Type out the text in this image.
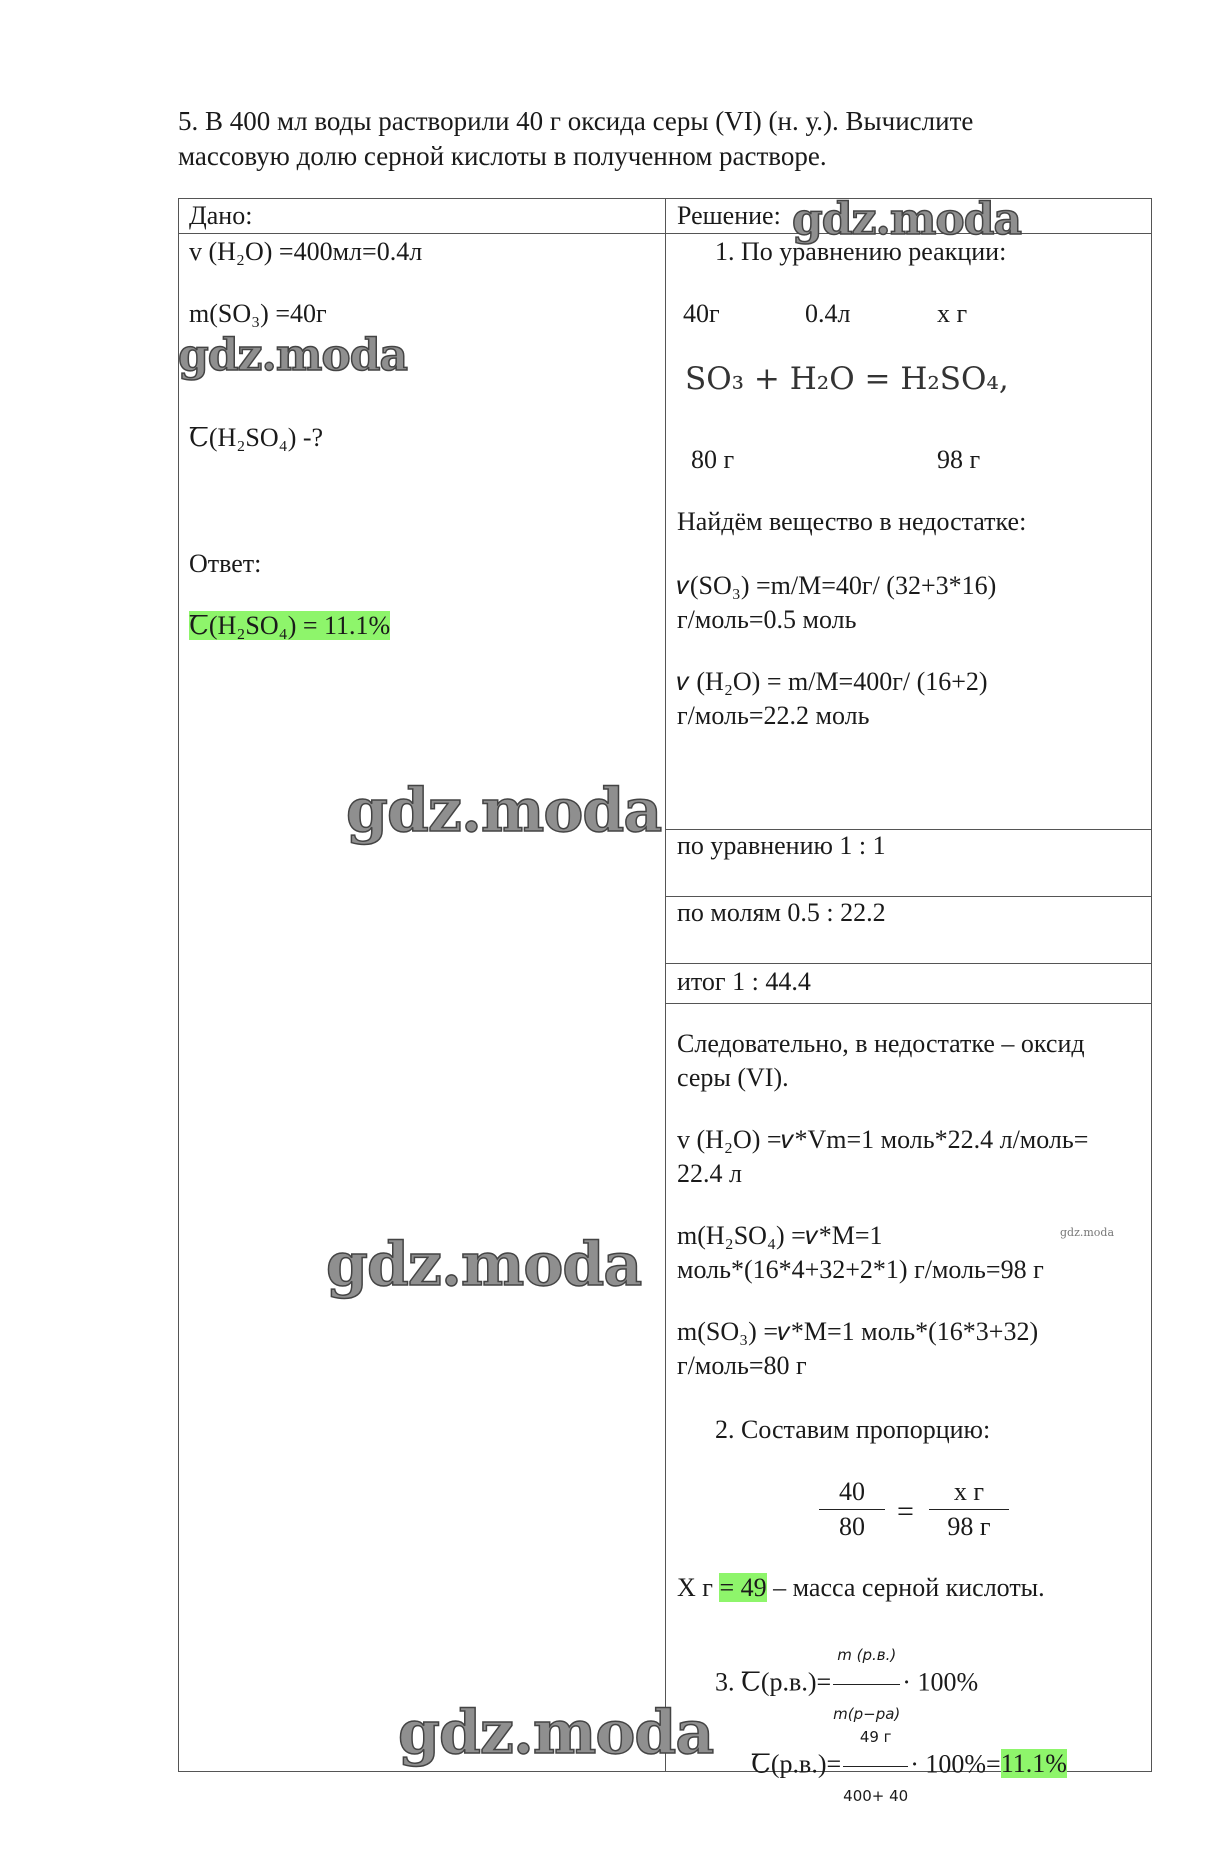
5. В 400 мл воды растворили 40 г оксида серы (VI) (н. у.). Вычислите
массовую долю серной кислоты в полученном растворе.
Дано:
v (H₂O) =400мл=0.4л
m(SO₃) =40г
Ꞇ(H₂SO₄) -?
Ответ:
Ꞇ(H₂SO₄) = 11.1%
Решение:
1. По уравнению реакции:
40г	0.4л	х г
SO₃ + H₂O = H₂SO₄,
80 г	98 г
Найдём вещество в недостатке:
𝜈(SO₃) =m/M=40г/ (32+3*16)
г/моль=0.5 моль
𝜈 (H₂O) = m/M=400г/ (16+2)
г/моль=22.2 моль
по уравнению 1 : 1
по молям 0.5 : 22.2
итог 1 : 44.4
Следовательно, в недостатке – оксид
серы (VI).
v (H₂O) =𝜈*Vm=1 моль*22.4 л/моль=
22.4 л
m(H₂SO₄) =𝜈*M=1
моль*(16*4+32+2*1) г/моль=98 г
m(SO₃) =𝜈*M=1 моль*(16*3+32)
г/моль=80 г
2. Составим пропорцию:
$\frac{40}{80}$ =
х г
98 г
Х г = 49 – масса серной кислоты.
3. Ꞇ(р.в.)= $\frac{m (р.в.)}{m(р-ра)} \cdot 100\%$
Ꞇ(р.в.)= $\frac{49 г}{400+ 40} \cdot 100\%=11.1\%$
gdz.moda
gdz.moda
gdz.moda
gdz.moda
gdz.moda
gdz.moda
